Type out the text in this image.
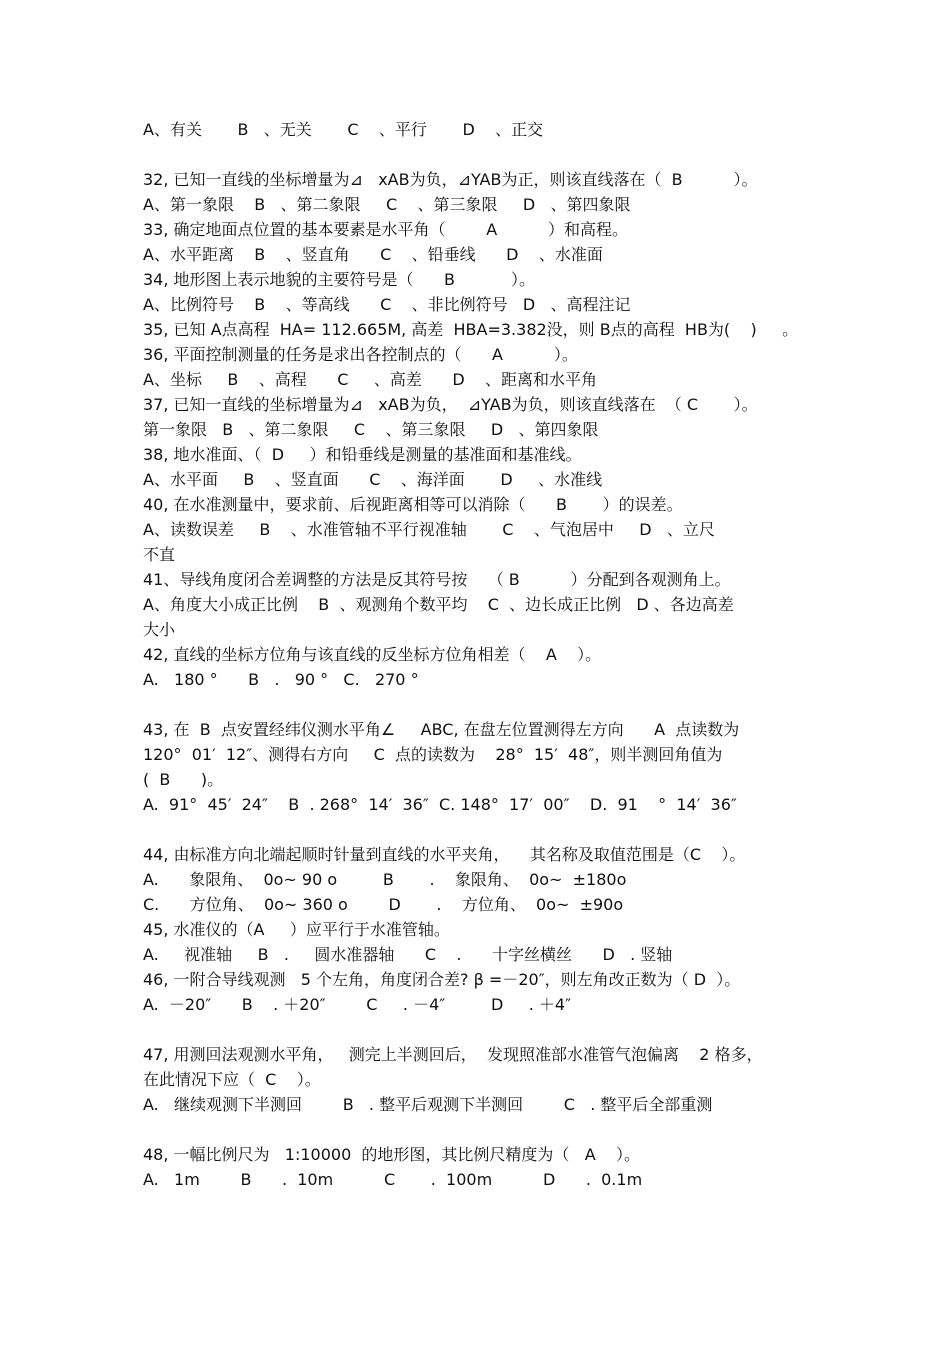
A、有关       B   、无关       C    、平行       D    、正交
32, 已知一直线的坐标增量为⊿   xAB为负，⊿YAB为正，则该直线落在（  B          ）。
A、第一象限    B   、第二象限     C    、第三象限     D   、第四象限
33, 确定地面点位置的基本要素是水平角（        A          ）和高程。
A、水平距离    B    、竖直角      C    、铅垂线      D    、水准面
34, 地形图上表示地貌的主要符号是（      B           ）。
A、比例符号    B    、等高线      C    、非比例符号   D   、高程注记
35, 已知 A点高程  HA= 112.665M, 高差  HBA=3.382没，则 B点的高程  HB为(    )     。
36, 平面控制测量的任务是求出各控制点的（      A          ）。
A、坐标     B    、高程      C     、高差      D    、距离和水平角
37, 已知一直线的坐标增量为⊿   xAB为负，  ⊿YAB为负，则该直线落在  （ C       ）。
第一象限   B   、第二象限     C    、第三象限     D   、第四象限
38, 地水准面、（  D     ）和铅垂线是测量的基准面和基准线。
A、水平面     B    、竖直面      C    、海洋面       D     、水准线
40, 在水准测量中，要求前、后视距离相等可以消除（      B       ）的误差。
A、读数误差     B    、水准管轴不平行视准轴       C    、气泡居中     D   、立尺
不直
41、导线角度闭合差调整的方法是反其符号按    （ B          ）分配到各观测角上。
A、角度大小成正比例    B  、观测角个数平均    C  、边长成正比例   D 、各边高差
大小
42, 直线的坐标方位角与该直线的反坐标方位角相差（    A    ）。
A.   180 °      B   .   90 °   C.   270 °
43, 在  B  点安置经纬仪测水平角∠     ABC, 在盘左位置测得左方向      A  点读数为
120°  01′  12″、测得右方向     C  点的读数为    28°  15′  48″，则半测回角值为
(  B      )。
A.  91°  45′  24″    B  . 268°  14′  36″  C. 148°  17′  00″    D.  91    °  14′  36″
44, 由标准方向北端起顺时针量到直线的水平夹角，    其名称及取值范围是（C    ）。
A.      象限角、  0o~ 90 o         B       .    象限角、  0o~  ±180o
C.      方位角、  0o~ 360 o        D       .    方位角、  0o~  ±90o
45, 水准仪的（A     ）应平行于水准管轴。
A.     视准轴     B   .     圆水准器轴      C    .      十字丝横丝      D   . 竖轴
46, 一附合导线观测   5 个左角，角度闭合差? β =－20″，则左角改正数为（ D  ）。
A.  －20″      B    . ＋20″        C     . －4″         D     . ＋4″
47, 用测回法观测水平角，   测完上半测回后，  发现照准部水准管气泡偏离    2 格多，
在此情况下应（  C    ）。
A.   继续观测下半测回        B   . 整平后观测下半测回        C   . 整平后全部重测
48, 一幅比例尺为   1:10000  的地形图，其比例尺精度为（   A    ）。
A.   1m        B      .  10m          C       .  100m          D      .  0.1m
